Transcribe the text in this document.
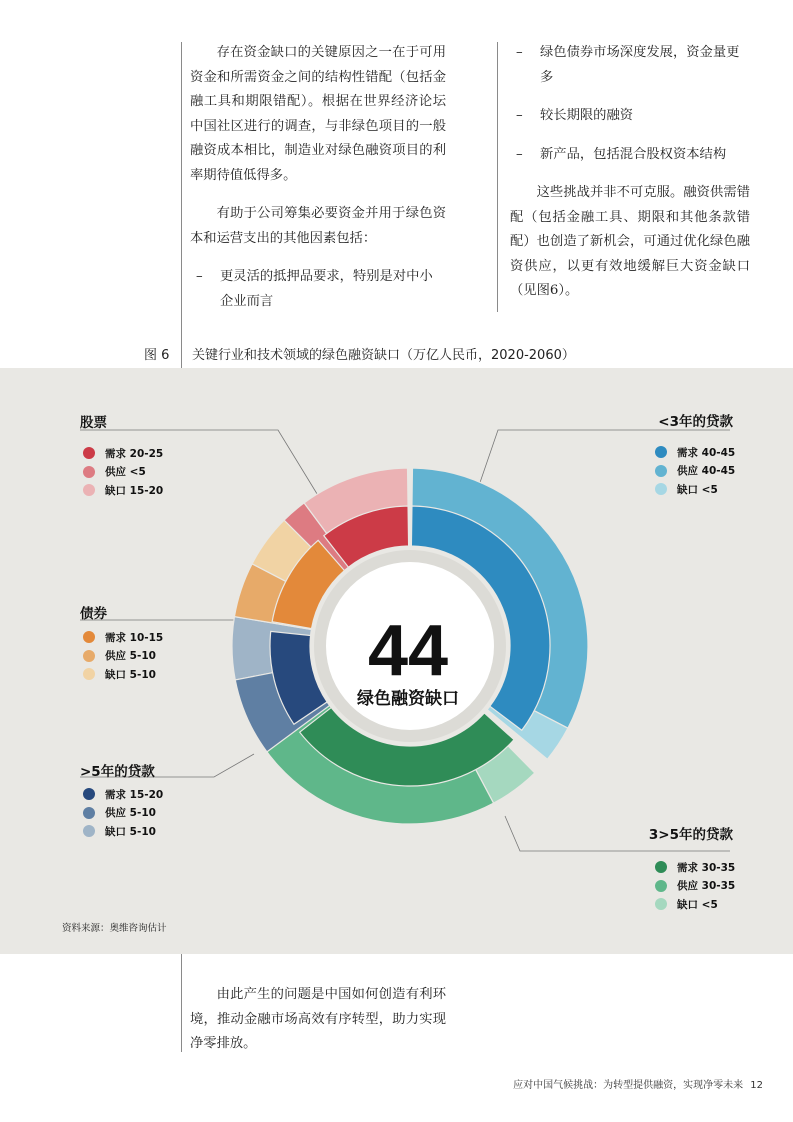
存在资金缺口的关键原因之一在于可用资金和所需资金之间的结构性错配（包括金融工具和期限错配）。根据在世界经济论坛中国社区进行的调查，与非绿色项目的一般融资成本相比，制造业对绿色融资项目的利率期待值低得多。

有助于公司筹集必要资金并用于绿色资本和运营支出的其他因素包括：

– 更灵活的抵押品要求，特别是对中小企业而言
– 绿色债券市场深度发展，资金量更多
– 较长期限的融资
– 新产品，包括混合股权资本结构

这些挑战并非不可克服。融资供需错配（包括金融工具、期限和其他条款错配）也创造了新机会，可通过优化绿色融资供应，以更有效地缓解巨大资金缺口（见图6）。

图 6 关键行业和技术领域的绿色融资缺口（万亿人民币，2020-2060）
44
绿色融资缺口
股票	<3年的贷款
债券
>5年的贷款
3>5年的贷款
需求 20-25
供应 <5
缺口 15-20
需求 40-45
供应 40-45
缺口 <5
需求 10-15
供应 5-10
缺口 5-10
需求 15-20
供应 5-10
缺口 5-10
需求 30-35
供应 30-35
缺口 <5
资料来源：奥维咨询估计

由此产生的问题是中国如何创造有利环境，推动金融市场高效有序转型，助力实现净零排放。

应对中国气候挑战：为转型提供融资，实现净零未来 12
